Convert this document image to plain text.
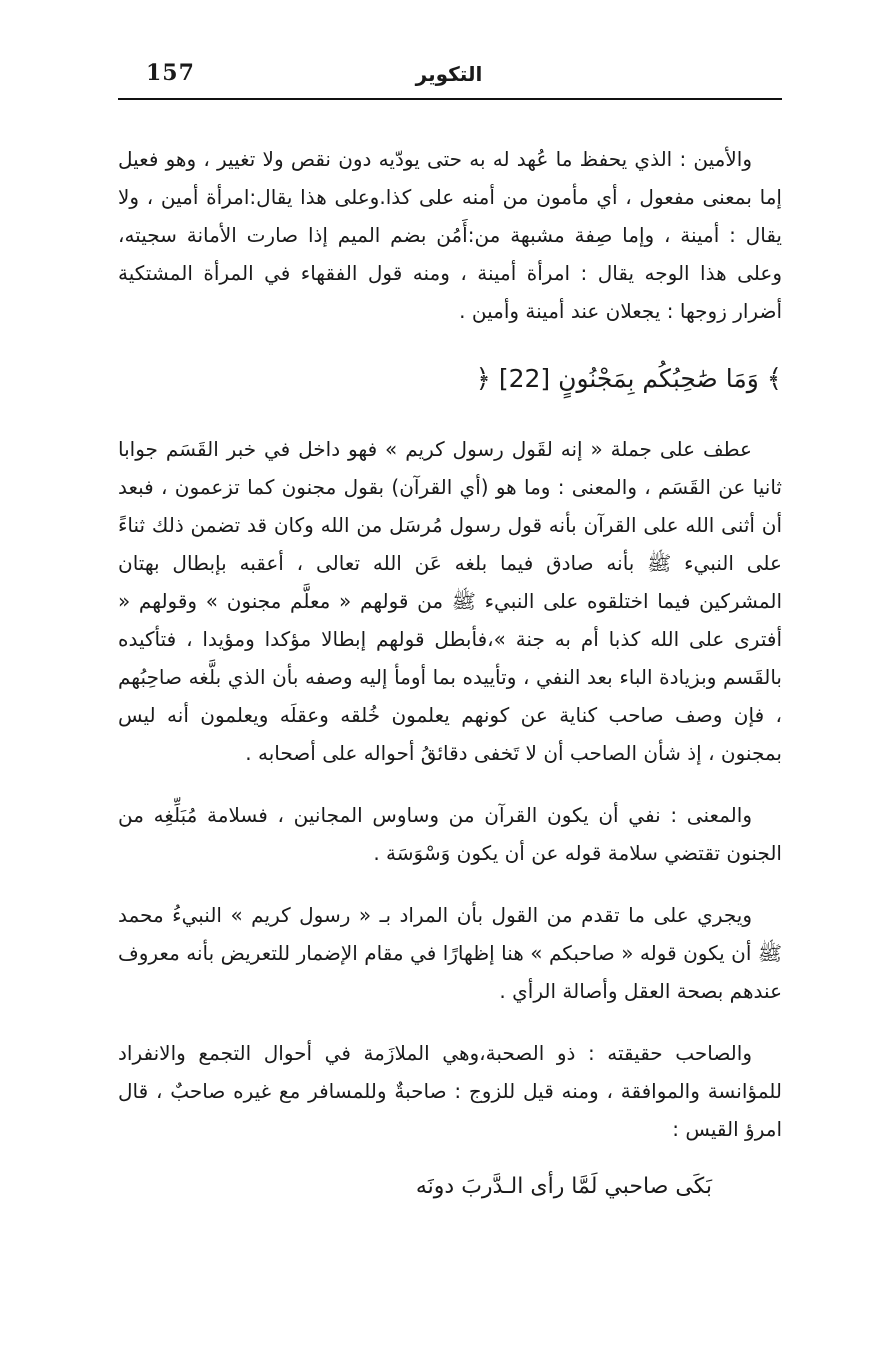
157	التكوير

والأمين : الذي يحفظ ما عُهد له به حتى يودّيه دون نقص ولا تغيير ، وهو فعيل إما بمعنى مفعول ، أي مأمون من أمنه على كذا.وعلى هذا يقال:امرأة أمين ، ولا يقال : أمينة ، وإما صِفة مشبهة من:أَمُن بضم الميم إذا صارت الأمانة سجيته، وعلى هذا الوجه يقال : امرأة أمينة ، ومنه قول الفقهاء في المرأة المشتكية أضرار زوجها : يجعلان عند أمينة وأمين .

﴾ وَمَا صَٰحِبُكُم بِمَجْنُونٍ [22] ﴿

عطف على جملة « إنه لقَول رسول كريم » فهو داخل في خبر القَسَم جوابا ثانيا عن القَسَم ، والمعنى : وما هو (أي القرآن) بقول مجنون كما تزعمون ، فبعد أن أثنى الله على القرآن بأنه قول رسول مُرسَل من الله وكان قد تضمن ذلك ثناءً على النبيء ﷺ بأنه صادق فيما بلغه عَن الله تعالى ، أعقبه بإبطال بهتان المشركين فيما اختلقوه على النبيء ﷺ من قولهم « معلَّم مجنون » وقولهم « أفترى على الله كذبا أم به جنة »،فأبطل قولهم إبطالا مؤكدا ومؤيدا ، فتأكيده بالقَسم وبزيادة الباء بعد النفي ، وتأييده بما أومأ إليه وصفه بأن الذي بلَّغه صاحِبُهم ، فإن وصف صاحب كناية عن كونهم يعلمون خُلقه وعقلَه ويعلمون أنه ليس بمجنون ، إذ شأن الصاحب أن لا تَخفى دقائقُ أحواله على أصحابه .

والمعنى : نفي أن يكون القرآن من وساوس المجانين ، فسلامة مُبَلِّغِه من الجنون تقتضي سلامة قوله عن أن يكون وَسْوَسَة .

ويجري على ما تقدم من القول بأن المراد بـ « رسول كريم » النبيءُ محمد ﷺ أن يكون قوله « صاحبكم » هنا إظهارًا في مقام الإضمار للتعريض بأنه معروف عندهم بصحة العقل وأصالة الرأي .

والصاحب حقيقته : ذو الصحبة،وهي الملازَمة في أحوال التجمع والانفراد للمؤانسة والموافقة ، ومنه قيل للزوج : صاحبةٌ وللمسافر مع غيره صاحبٌ ، قال امرؤ القيس :

بَكَى صاحبي لَمَّا رأى الـدَّربَ دونَه
